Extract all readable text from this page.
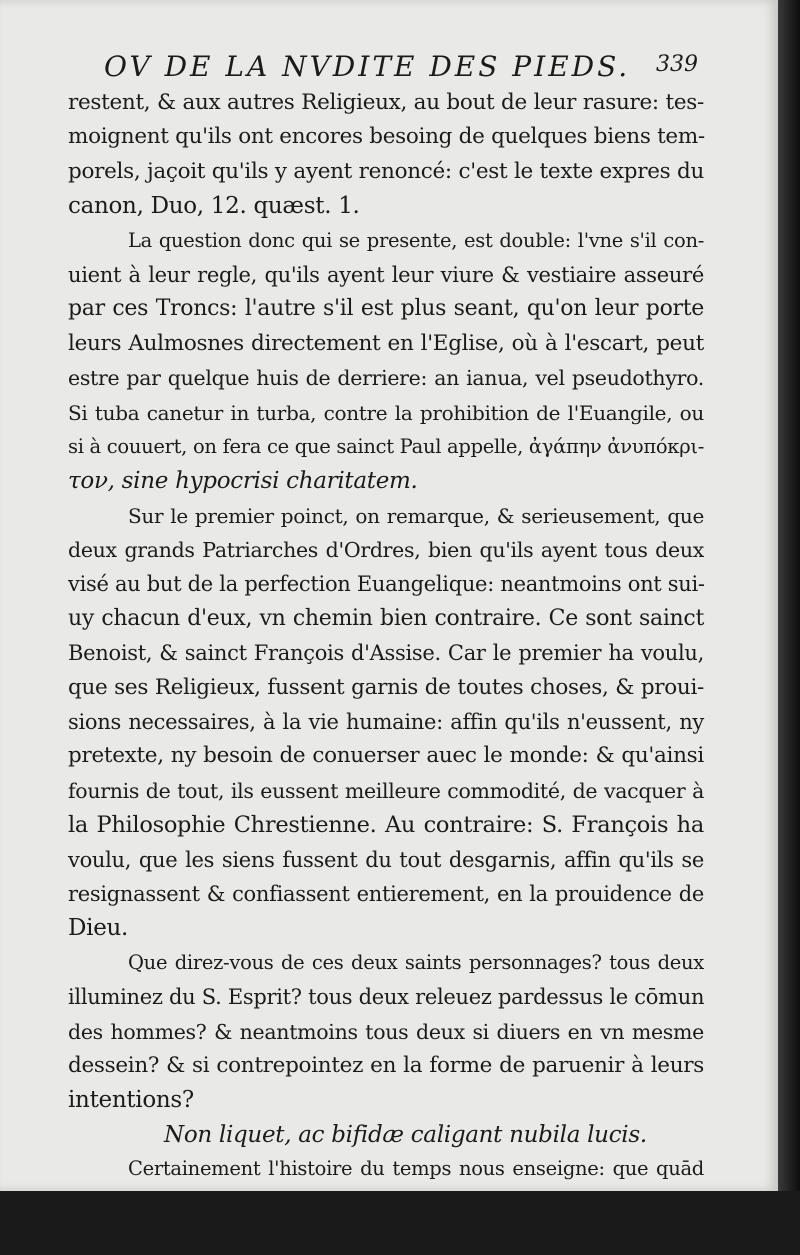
OV DE LA NVDITE DES PIEDS. 339
restent, & aux autres Religieux, au bout de leur rasure: tes-
moignent qu'ils ont encores besoing de quelques biens tem-
porels, jaçoit qu'ils y ayent renoncé: c'est le texte expres du
canon, Duo, 12. quæst. 1.
La question donc qui se presente, est double: l'vne s'il con-
uient à leur regle, qu'ils ayent leur viure & vestiaire asseuré
par ces Troncs: l'autre s'il est plus seant, qu'on leur porte
leurs Aulmosnes directement en l'Eglise, où à l'escart, peut
estre par quelque huis de derriere: an ianua, vel pseudothyro.
Si tuba canetur in turba, contre la prohibition de l'Euangile, ou
si à couuert, on fera ce que sainct Paul appelle, ἀγάπην ἀνυπόκρι-
τον, sine hypocrisi charitatem.
Sur le premier poinct, on remarque, & serieusement, que
deux grands Patriarches d'Ordres, bien qu'ils ayent tous deux
visé au but de la perfection Euangelique: neantmoins ont sui-
uy chacun d'eux, vn chemin bien contraire. Ce sont sainct
Benoist, & sainct François d'Assise. Car le premier ha voulu,
que ses Religieux, fussent garnis de toutes choses, & proui-
sions necessaires, à la vie humaine: affin qu'ils n'eussent, ny
pretexte, ny besoin de conuerser auec le monde: & qu'ainsi
fournis de tout, ils eussent meilleure commodité, de vacquer à
la Philosophie Chrestienne. Au contraire: S. François ha
voulu, que les siens fussent du tout desgarnis, affin qu'ils se
resignassent & confiassent entierement, en la prouidence de
Dieu.
Que direz-vous de ces deux saints personnages? tous deux
illuminez du S. Esprit? tous deux releuez pardessus le cōmun
des hommes? & neantmoins tous deux si diuers en vn mesme
dessein? & si contrepointez en la forme de paruenir à leurs
intentions?
Non liquet, ac bifidæ caligant nubila lucis.
Certainement l'histoire du temps nous enseigne: que quād
cet ordre de S. François, parut en sa source premiere: & iecta
Xx
